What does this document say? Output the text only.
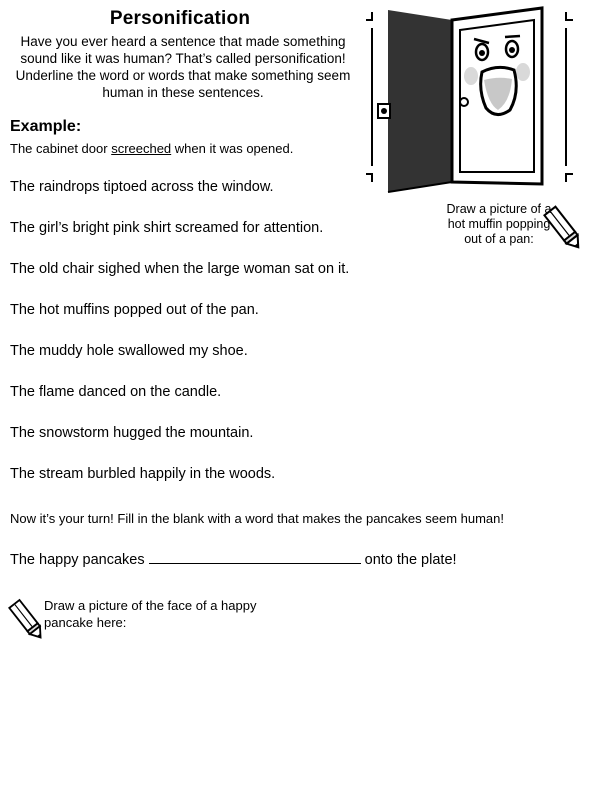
Personification
Have you ever heard a sentence that made something sound like it was human? That’s called personification! Underline the word or words that make something seem human in these sentences.
Draw a picture of a hot muffin popping out of a pan:
Example:
The cabinet door screeched when it was opened.
The raindrops tiptoed across the window.
The girl’s bright pink shirt screamed for attention.
The old chair sighed when the large woman sat on it.
The hot muffins popped out of the pan.
The muddy hole swallowed my shoe.
The flame danced on the candle.
The snowstorm hugged the mountain.
The stream burbled happily in the woods.
Now it’s your turn! Fill in the blank with a word that makes the pancakes seem human!
The happy pancakes	onto the plate!
Draw a picture of the face of a happy pancake here:
